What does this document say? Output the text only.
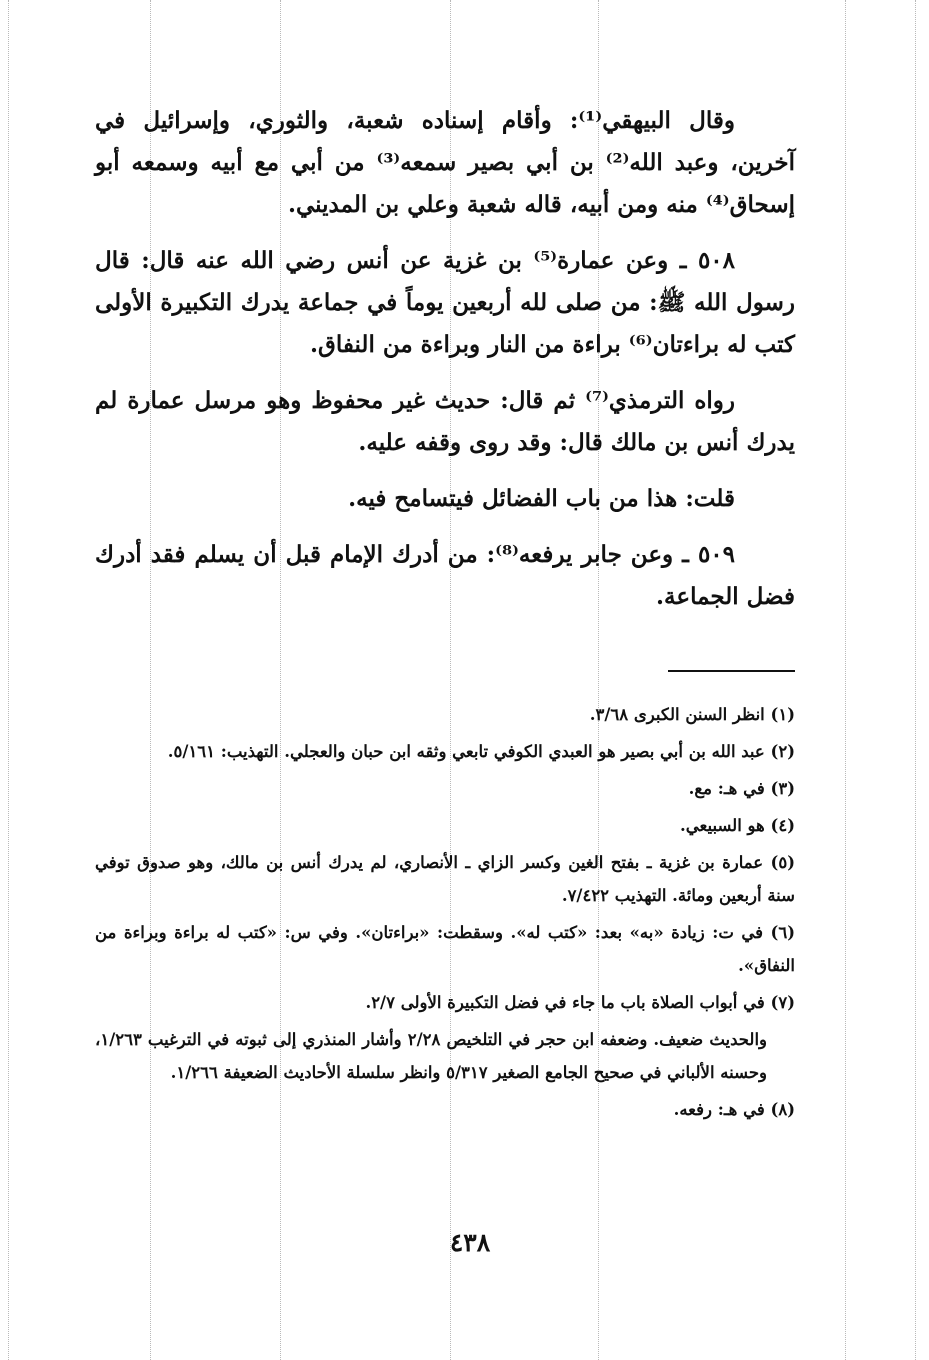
وقال البيهقي⁽¹⁾: وأقام إسناده شعبة، والثوري، وإسرائيل في آخرين، وعبد الله⁽²⁾ بن أبي بصير سمعه⁽³⁾ من أبي مع أبيه وسمعه أبو إسحاق⁽⁴⁾ منه ومن أبيه، قاله شعبة وعلي بن المديني.

٥٠٨ ـ وعن عمارة⁽⁵⁾ بن غزية عن أنس رضي الله عنه قال: قال رسول الله ﷺ: من صلى لله أربعين يوماً في جماعة يدرك التكبيرة الأولى كتب له براءتان⁽⁶⁾ براءة من النار وبراءة من النفاق.

رواه الترمذي⁽⁷⁾ ثم قال: حديث غير محفوظ وهو مرسل عمارة لم يدرك أنس بن مالك قال: وقد روى وقفه عليه.

قلت: هذا من باب الفضائل فيتسامح فيه.

٥٠٩ ـ وعن جابر يرفعه⁽⁸⁾: من أدرك الإمام قبل أن يسلم فقد أدرك فضل الجماعة.

(١) انظر السنن الكبرى ٣/٦٨.

(٢) عبد الله بن أبي بصير هو العبدي الكوفي تابعي وثقه ابن حبان والعجلي. التهذيب: ٥/١٦١.

(٣) في هـ: مع.

(٤) هو السبيعي.

(٥) عمارة بن غزية ـ بفتح الغين وكسر الزاي ـ الأنصاري، لم يدرك أنس بن مالك، وهو صدوق توفي سنة أربعين ومائة. التهذيب ٧/٤٢٢.

(٦) في ت: زيادة «به» بعد: «كتب له». وسقطت: «براءتان». وفي س: «كتب له براءة وبراءة من النفاق».

(٧) في أبواب الصلاة باب ما جاء في فضل التكبيرة الأولى ٢/٧.

والحديث ضعيف. وضعفه ابن حجر في التلخيص ٢/٢٨ وأشار المنذري إلى ثبوته في الترغيب ١/٢٦٣، وحسنه الألباني في صحيح الجامع الصغير ٥/٣١٧ وانظر سلسلة الأحاديث الضعيفة ١/٢٦٦.

(٨) في هـ: رفعه.

٤٣٨
